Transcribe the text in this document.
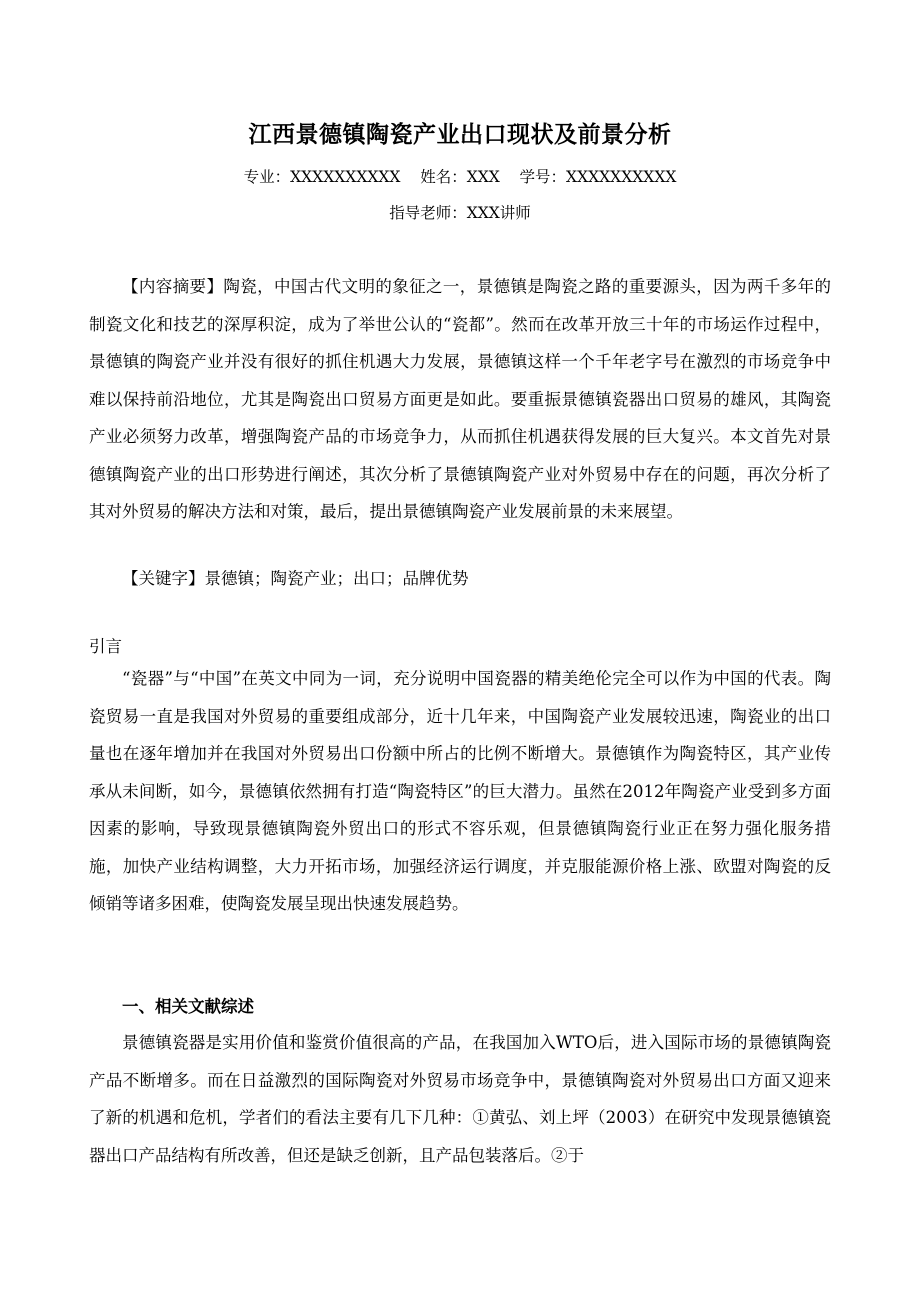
江西景德镇陶瓷产业出口现状及前景分析
专业：XXXXXXXXXX 姓名：XXX 学号：XXXXXXXXXX
指导老师：XXX讲师

【内容摘要】陶瓷，中国古代文明的象征之一，景德镇是陶瓷之路的重要源头，因为两千多年的制瓷文化和技艺的深厚积淀，成为了举世公认的“瓷都”。然而在改革开放三十年的市场运作过程中，景德镇的陶瓷产业并没有很好的抓住机遇大力发展，景德镇这样一个千年老字号在激烈的市场竞争中难以保持前沿地位，尤其是陶瓷出口贸易方面更是如此。要重振景德镇瓷器出口贸易的雄风，其陶瓷产业必须努力改革，增强陶瓷产品的市场竞争力，从而抓住机遇获得发展的巨大复兴。本文首先对景德镇陶瓷产业的出口形势进行阐述，其次分析了景德镇陶瓷产业对外贸易中存在的问题，再次分析了其对外贸易的解决方法和对策，最后，提出景德镇陶瓷产业发展前景的未来展望。

【关键字】景德镇；陶瓷产业；出口；品牌优势

引言

“瓷器”与“中国”在英文中同为一词，充分说明中国瓷器的精美绝伦完全可以作为中国的代表。陶瓷贸易一直是我国对外贸易的重要组成部分，近十几年来，中国陶瓷产业发展较迅速，陶瓷业的出口量也在逐年增加并在我国对外贸易出口份额中所占的比例不断增大。景德镇作为陶瓷特区，其产业传承从未间断，如今，景德镇依然拥有打造“陶瓷特区”的巨大潜力。虽然在2012年陶瓷产业受到多方面因素的影响，导致现景德镇陶瓷外贸出口的形式不容乐观，但景德镇陶瓷行业正在努力强化服务措施，加快产业结构调整，大力开拓市场，加强经济运行调度，并克服能源价格上涨、欧盟对陶瓷的反倾销等诸多困难，使陶瓷发展呈现出快速发展趋势。

一、相关文献综述

景德镇瓷器是实用价值和鉴赏价值很高的产品，在我国加入WTO后，进入国际市场的景德镇陶瓷产品不断增多。而在日益激烈的国际陶瓷对外贸易市场竞争中，景德镇陶瓷对外贸易出口方面又迎来了新的机遇和危机，学者们的看法主要有几下几种：①黄弘、刘上坪（2003）在研究中发现景德镇瓷器出口产品结构有所改善，但还是缺乏创新，且产品包装落后。②于
